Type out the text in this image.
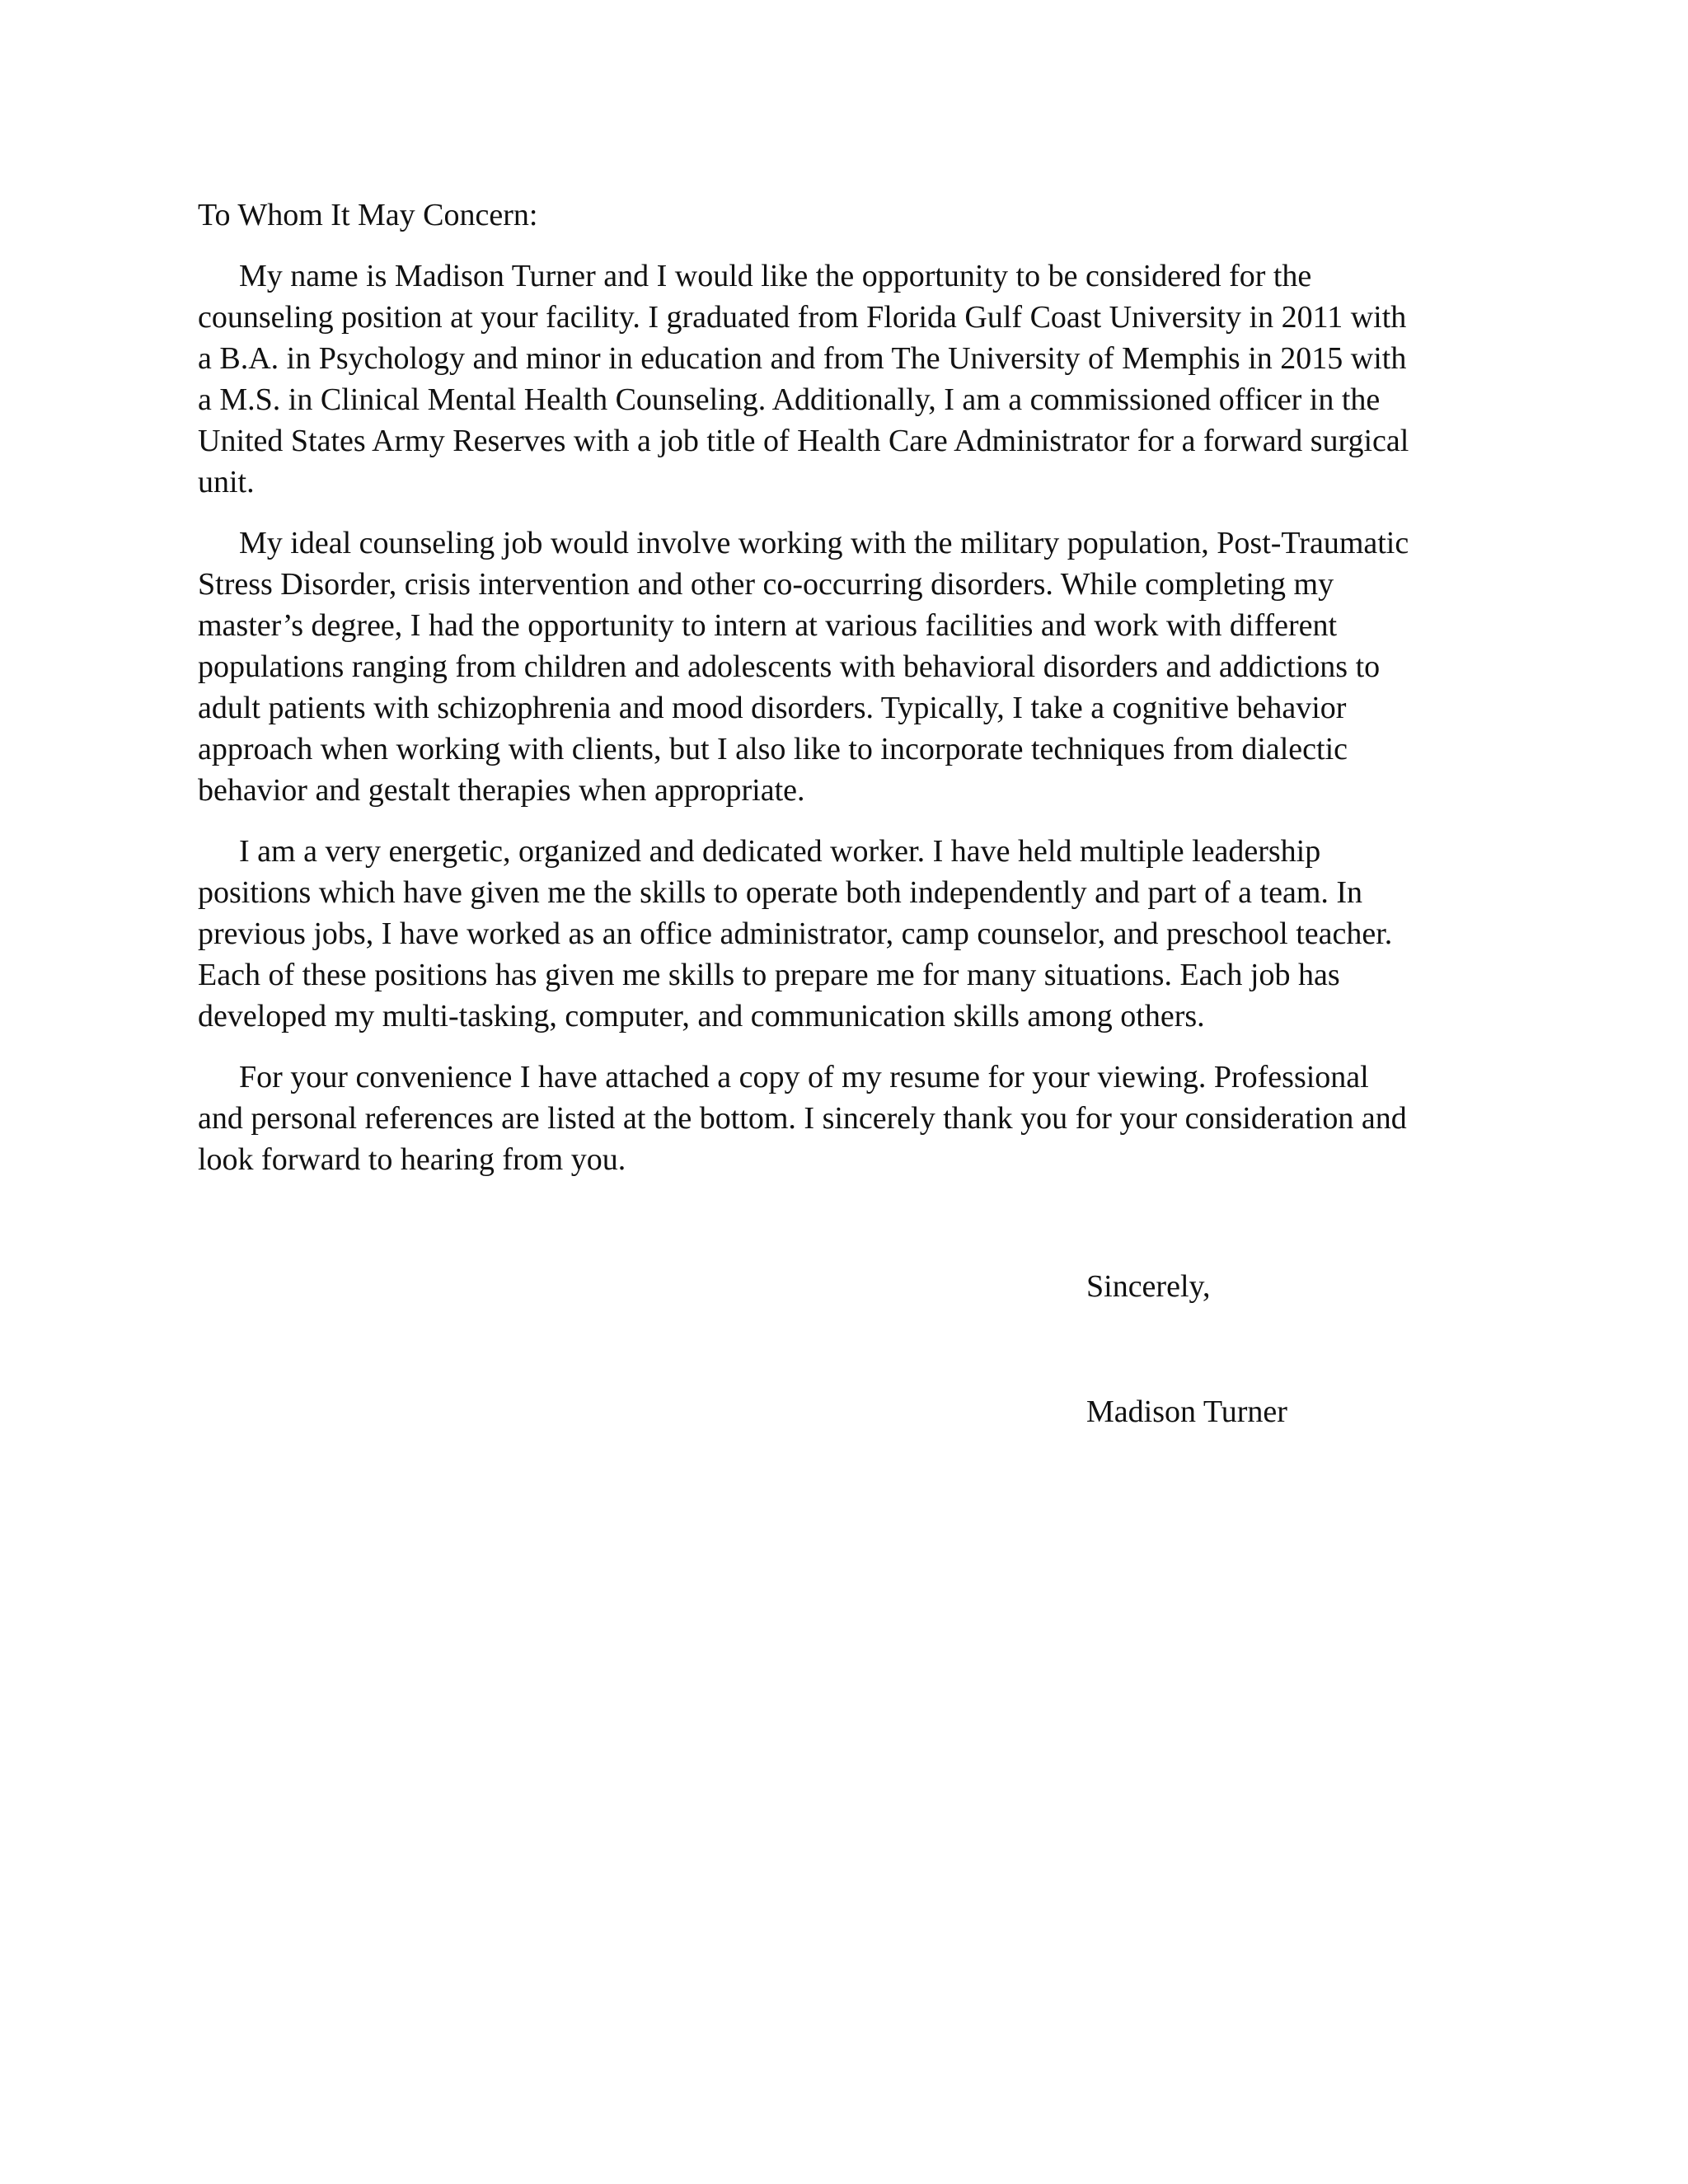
To Whom It May Concern:

My name is Madison Turner and I would like the opportunity to be considered for the
counseling position at your facility. I graduated from Florida Gulf Coast University in 2011 with
a B.A. in Psychology and minor in education and from The University of Memphis in 2015 with
a M.S. in Clinical Mental Health Counseling. Additionally, I am a commissioned officer in the
United States Army Reserves with a job title of Health Care Administrator for a forward surgical
unit.

My ideal counseling job would involve working with the military population, Post-Traumatic
Stress Disorder, crisis intervention and other co-occurring disorders. While completing my
master’s degree, I had the opportunity to intern at various facilities and work with different
populations ranging from children and adolescents with behavioral disorders and addictions to
adult patients with schizophrenia and mood disorders. Typically, I take a cognitive behavior
approach when working with clients, but I also like to incorporate techniques from dialectic
behavior and gestalt therapies when appropriate.

I am a very energetic, organized and dedicated worker. I have held multiple leadership
positions which have given me the skills to operate both independently and part of a team. In
previous jobs, I have worked as an office administrator, camp counselor, and preschool teacher.
Each of these positions has given me skills to prepare me for many situations. Each job has
developed my multi-tasking, computer, and communication skills among others.

For your convenience I have attached a copy of my resume for your viewing. Professional
and personal references are listed at the bottom. I sincerely thank you for your consideration and
look forward to hearing from you.

Sincerely,
Madison Turner
